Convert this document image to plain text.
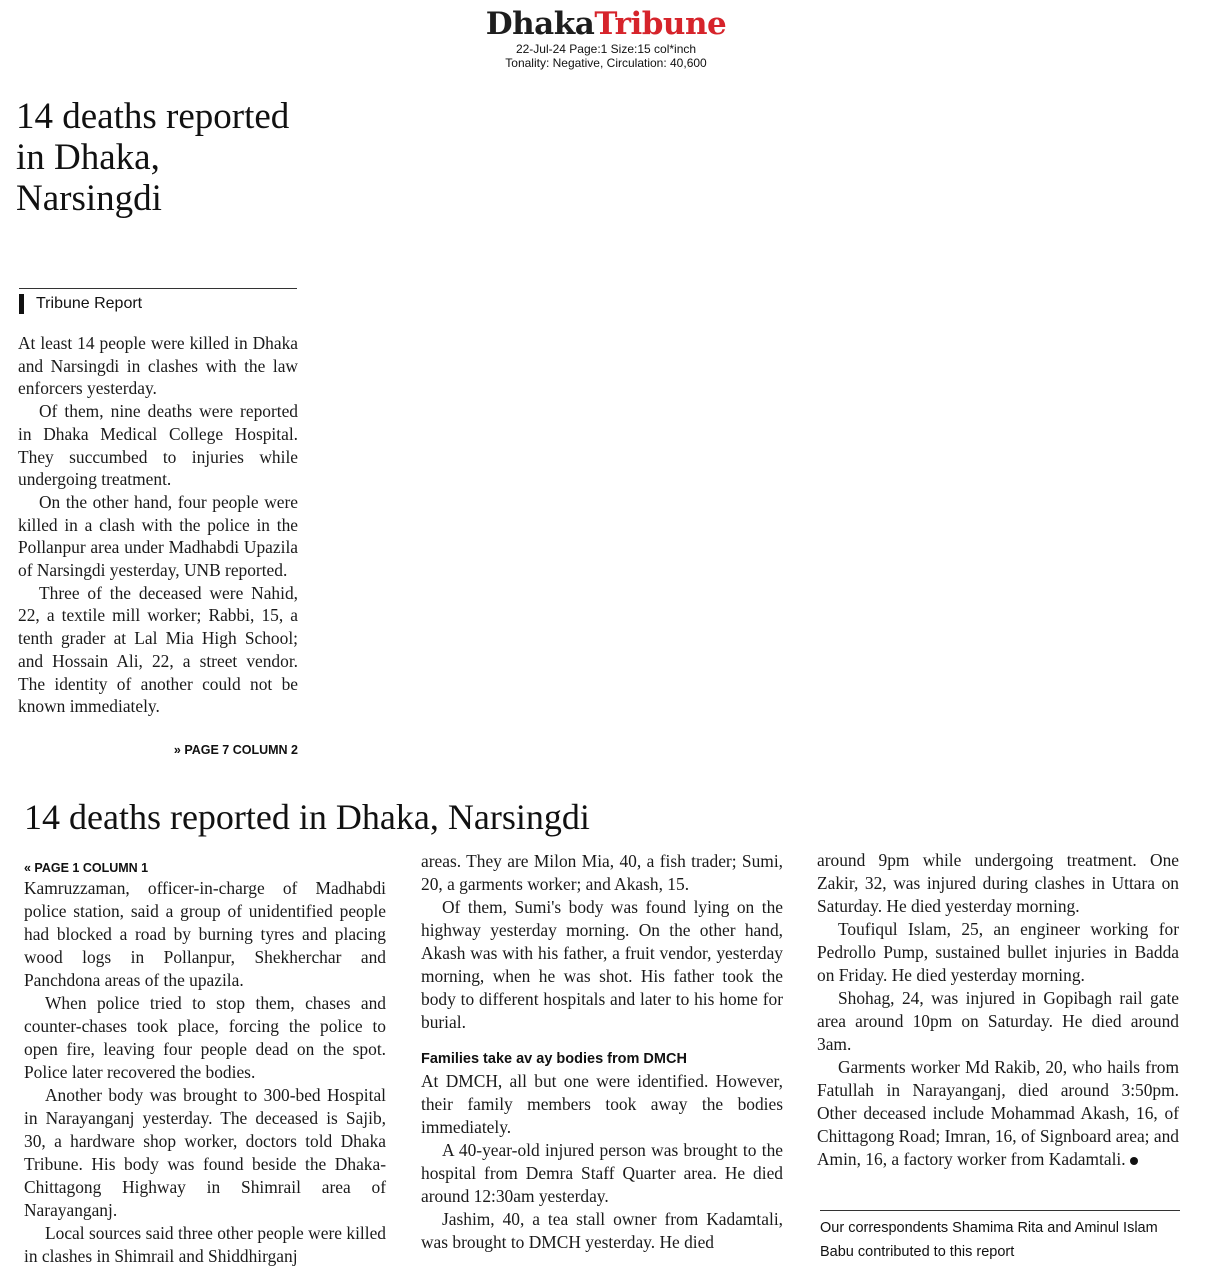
DhakaTribune
22-Jul-24 Page:1 Size:15 col*inch
Tonality: Negative, Circulation: 40,600
14 deaths reported in Dhaka, Narsingdi
Tribune Report

At least 14 people were killed in Dhaka and Narsingdi in clashes with the law enforcers yesterday.

Of them, nine deaths were reported in Dhaka Medical College Hospital. They succumbed to injuries while undergoing treatment.

On the other hand, four people were killed in a clash with the police in the Pollanpur area under Madhabdi Upazila of Narsingdi yesterday, UNB reported.

Three of the deceased were Nahid, 22, a textile mill worker; Rabbi, 15, a tenth grader at Lal Mia High School; and Hossain Ali, 22, a street vendor. The identity of another could not be known immediately.

» PAGE 7 COLUMN 2
14 deaths reported in Dhaka, Narsingdi
« PAGE 1 COLUMN 1

Kamruzzaman, officer-in-charge of Madhabdi police station, said a group of unidentified people had blocked a road by burning tyres and placing wood logs in Pollanpur, Shekherchar and Panchdona areas of the upazila.

When police tried to stop them, chases and counter-chases took place, forcing the police to open fire, leaving four people dead on the spot. Police later recovered the bodies.

Another body was brought to 300-bed Hospital in Narayanganj yesterday. The deceased is Sajib, 30, a hardware shop worker, doctors told Dhaka Tribune. His body was found beside the Dhaka-Chittagong Highway in Shimrail area of Narayanganj.

Local sources said three other people were killed in clashes in Shimrail and Shiddhirganj

areas. They are Milon Mia, 40, a fish trader; Sumi, 20, a garments worker; and Akash, 15.

Of them, Sumi's body was found lying on the highway yesterday morning. On the other hand, Akash was with his father, a fruit vendor, yesterday morning, when he was shot. His father took the body to different hospitals and later to his home for burial.

Families take av ay bodies from DMCH

At DMCH, all but one were identified. However, their family members took away the bodies immediately.

A 40-year-old injured person was brought to the hospital from Demra Staff Quarter area. He died around 12:30am yesterday.

Jashim, 40, a tea stall owner from Kadamtali, was brought to DMCH yesterday. He died

around 9pm while undergoing treatment. One Zakir, 32, was injured during clashes in Uttara on Saturday. He died yesterday morning.

Toufiqul Islam, 25, an engineer working for Pedrollo Pump, sustained bullet injuries in Badda on Friday. He died yesterday morning.

Shohag, 24, was injured in Gopibagh rail gate area around 10pm on Saturday. He died around 3am.

Garments worker Md Rakib, 20, who hails from Fatullah in Narayanganj, died around 3:50pm. Other deceased include Mohammad Akash, 16, of Chittagong Road; Imran, 16, of Signboard area; and Amin, 16, a factory worker from Kadamtali.

Our correspondents Shamima Rita and Aminul Islam Babu contributed to this report
